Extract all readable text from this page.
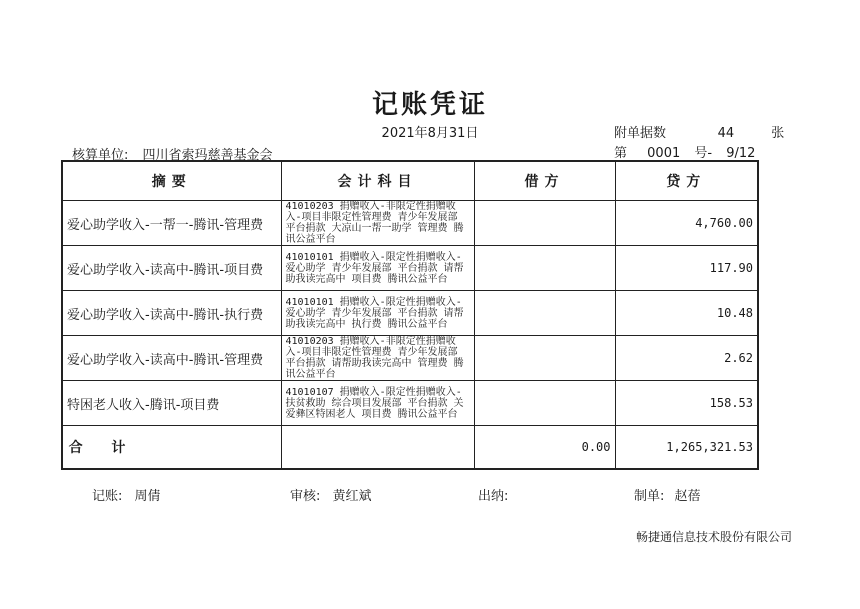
记账凭证
2021年8月31日	附单据数	44	张
核算单位: 四川省索玛慈善基金会	第 0001 号- 9/12
摘要	会计科目	借方	贷方
爱心助学收入-一帮一-腾讯-管理费	41010203 捐赠收入-非限定性捐赠收入-项目非限定性管理费 青少年发展部 平台捐款 大凉山一帮一助学 管理费 腾讯公益平台		4,760.00
爱心助学收入-读高中-腾讯-项目费	41010101 捐赠收入-限定性捐赠收入-爱心助学 青少年发展部 平台捐款 请帮助我读完高中 项目费 腾讯公益平台		117.90
爱心助学收入-读高中-腾讯-执行费	41010101 捐赠收入-限定性捐赠收入-爱心助学 青少年发展部 平台捐款 请帮助我读完高中 执行费 腾讯公益平台		10.48
爱心助学收入-读高中-腾讯-管理费	41010203 捐赠收入-非限定性捐赠收入-项目非限定性管理费 青少年发展部 平台捐款 请帮助我读完高中 管理费 腾讯公益平台		2.62
特困老人收入-腾讯-项目费	41010107 捐赠收入-限定性捐赠收入-扶贫救助 综合项目发展部 平台捐款 关爱彝区特困老人 项目费 腾讯公益平台		158.53

合 计		0.00	1,265,321.53
记账: 周倩	审核: 黄红斌	出纳:	制单: 赵蓓
畅捷通信息技术股份有限公司
